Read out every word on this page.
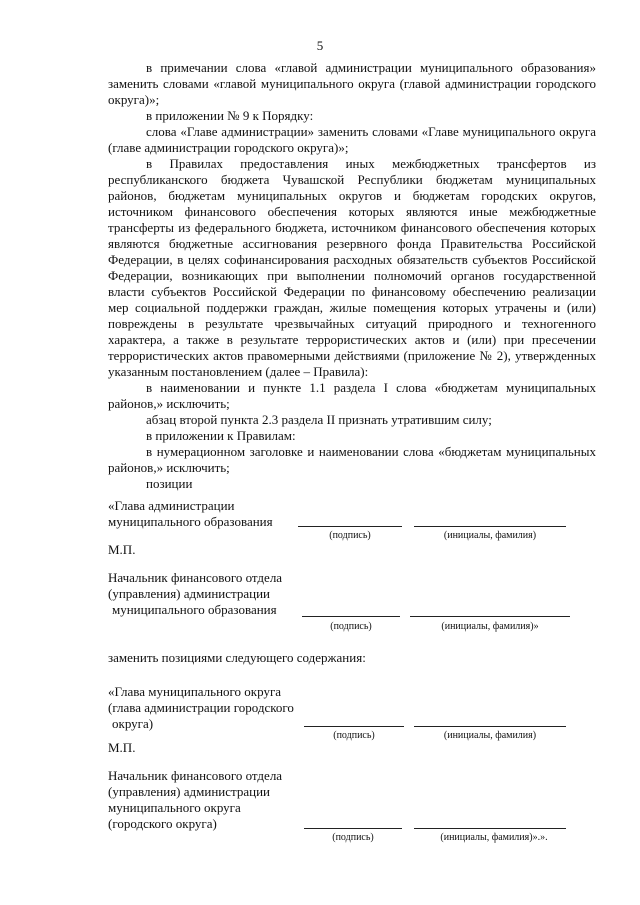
5

в примечании слова «главой администрации муниципального образования» заменить словами «главой муниципального округа (главой администрации городского округа)»;

в приложении № 9 к Порядку:

слова «Главе администрации» заменить словами «Главе муниципального округа (главе администрации городского округа)»;

в Правилах предоставления иных межбюджетных трансфертов из республиканского бюджета Чувашской Республики бюджетам муниципальных районов, бюджетам муниципальных округов и бюджетам городских округов, источником финансового обеспечения которых являются иные межбюджетные трансферты из федерального бюджета, источником финансового обеспечения которых являются бюджетные ассигнования резервного фонда Правительства Российской Федерации, в целях софинансирования расходных обязательств субъектов Российской Федерации, возникающих при выполнении полномочий органов государственной власти субъектов Российской Федерации по финансовому обеспечению реализации мер социальной поддержки граждан, жилые помещения которых утрачены и (или) повреждены в результате чрезвычайных ситуаций природного и техногенного характера, а также в результате террористических актов и (или) при пресечении террористических актов правомерными действиями (приложение № 2), утвержденных указанным постановлением (далее – Правила):

в наименовании и пункте 1.1 раздела I слова «бюджетам муниципальных районов,» исключить;

абзац второй пункта 2.3 раздела II признать утратившим силу;

в приложении к Правилам:

в нумерационном заголовке и наименовании слова «бюджетам муниципальных районов,» исключить;

позиции

«Глава администрации
муниципального образования
(подпись)	(инициалы, фамилия)
М.П.
Начальник финансового отдела
(управления) администрации
муниципального образования
(подпись)	(инициалы, фамилия)»
заменить позициями следующего содержания:
«Глава муниципального округа
(глава администрации городского
округа)
(подпись)	(инициалы, фамилия)
М.П.
Начальник финансового отдела
(управления) администрации
муниципального округа
(городского округа)
(подпись)	(инициалы, фамилия)».».
